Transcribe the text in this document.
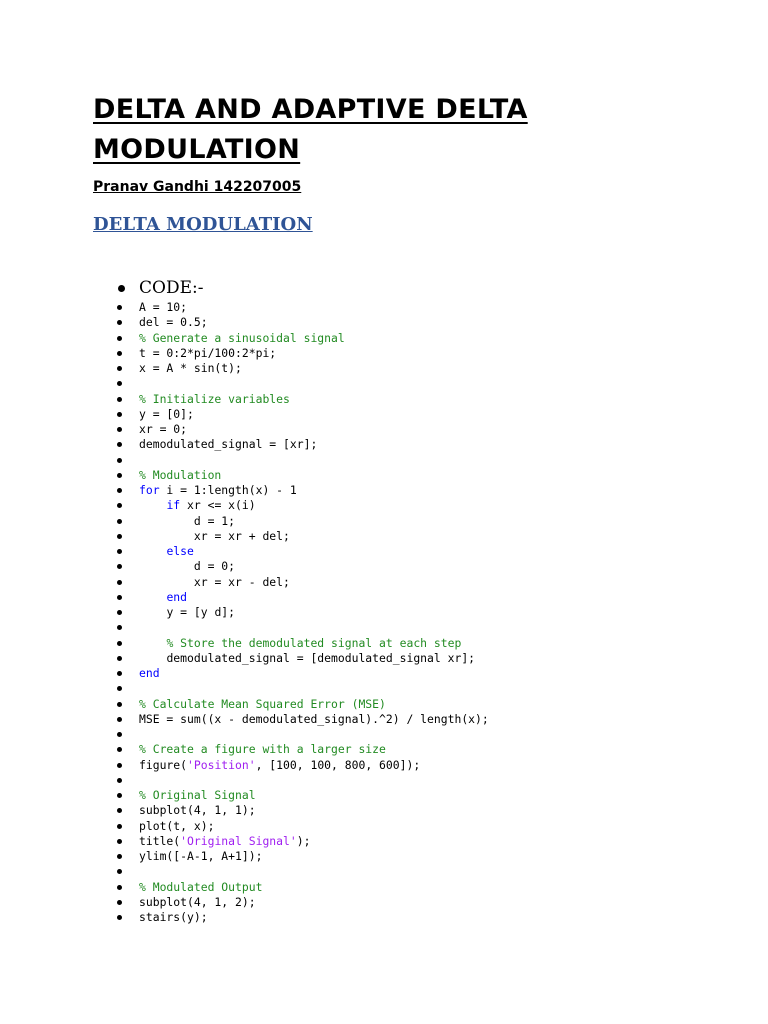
DELTA AND ADAPTIVE DELTA MODULATION

Pranav Gandhi 142207005

DELTA MODULATION
CODE:-
A = 10;
del = 0.5;
% Generate a sinusoidal signal
t = 0:2*pi/100:2*pi;
x = A * sin(t);
% Initialize variables
y = [0];
xr = 0;
demodulated_signal = [xr];
% Modulation
for i = 1:length(x) - 1
if xr <= x(i)
d = 1;
xr = xr + del;
else
d = 0;
xr = xr - del;
end
y = [y d];
% Store the demodulated signal at each step
demodulated_signal = [demodulated_signal xr];
end
% Calculate Mean Squared Error (MSE)
MSE = sum((x - demodulated_signal).^2) / length(x);
% Create a figure with a larger size
figure('Position', [100, 100, 800, 600]);
% Original Signal
subplot(4, 1, 1);
plot(t, x);
title('Original Signal');
ylim([-A-1, A+1]);
% Modulated Output
subplot(4, 1, 2);
stairs(y);
